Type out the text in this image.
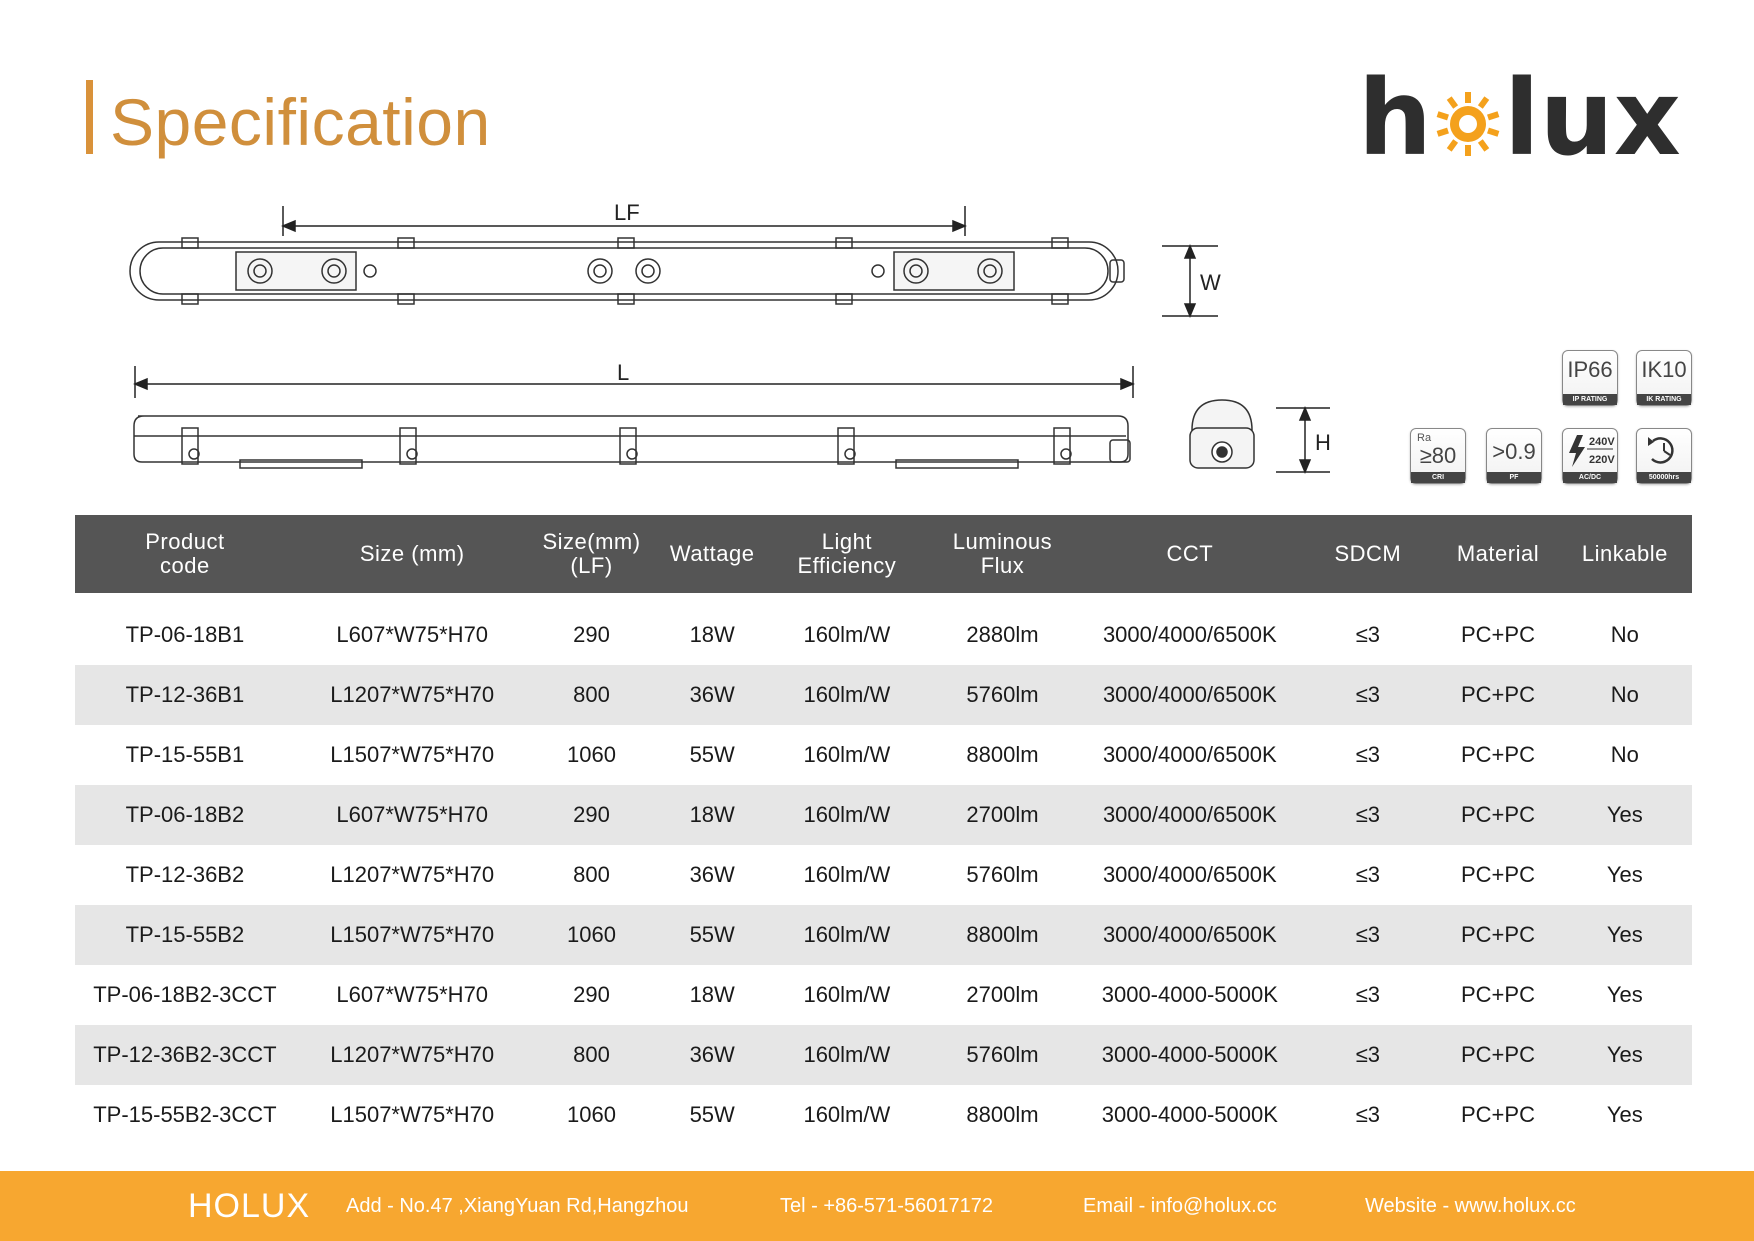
Specification	h lux
LF
W
L
H
IP66
IP RATING
IK10
IK RATING
Ra
≥80
CRI
>0.9
PF
240V
220V
AC/DC	50000hrs
Product code	Size (mm)	Size(mm) (LF)	Wattage	Light Efficiency	Luminous Flux	CCT	SDCM	Material	Linkable

TP-06-18B1	L607*W75*H70	290	18W	160lm/W	2880lm	3000/4000/6500K	≤3	PC+PC	No
TP-12-36B1	L1207*W75*H70	800	36W	160lm/W	5760lm	3000/4000/6500K	≤3	PC+PC	No
TP-15-55B1	L1507*W75*H70	1060	55W	160lm/W	8800lm	3000/4000/6500K	≤3	PC+PC	No
TP-06-18B2	L607*W75*H70	290	18W	160lm/W	2700lm	3000/4000/6500K	≤3	PC+PC	Yes
TP-12-36B2	L1207*W75*H70	800	36W	160lm/W	5760lm	3000/4000/6500K	≤3	PC+PC	Yes
TP-15-55B2	L1507*W75*H70	1060	55W	160lm/W	8800lm	3000/4000/6500K	≤3	PC+PC	Yes
TP-06-18B2-3CCT	L607*W75*H70	290	18W	160lm/W	2700lm	3000-4000-5000K	≤3	PC+PC	Yes
TP-12-36B2-3CCT	L1207*W75*H70	800	36W	160lm/W	5760lm	3000-4000-5000K	≤3	PC+PC	Yes
TP-15-55B2-3CCT	L1507*W75*H70	1060	55W	160lm/W	8800lm	3000-4000-5000K	≤3	PC+PC	Yes
HOLUX Add - No.47 ,XiangYuan Rd,Hangzhou	Tel - +86-571-56017172	Email - info@holux.cc	Website - www.holux.cc
